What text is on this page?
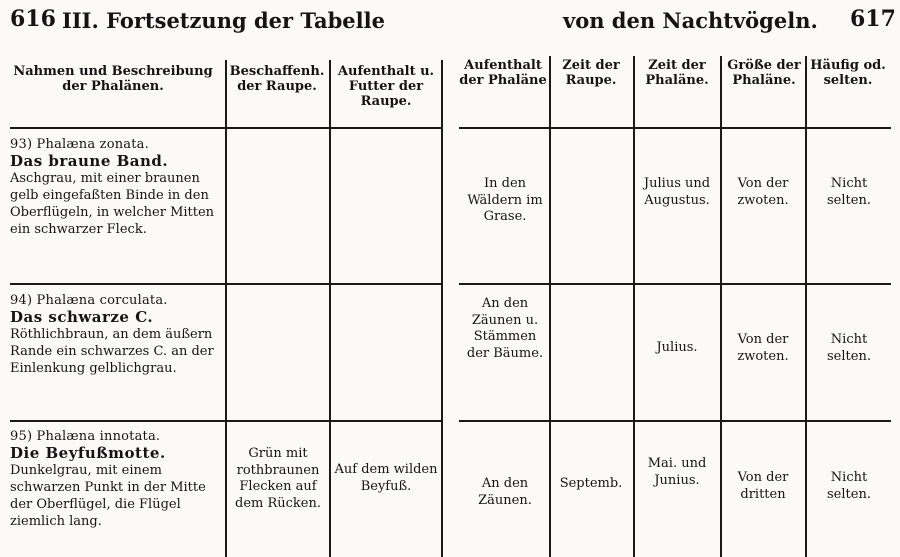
616 III. Fortsetzung der Tabelle
Nahmen und Beschreibung der Phalänen.
Beschaffenh. der Raupe.
Aufenthalt u. Futter der Raupe.
93) Phalæna zonata.
Das braune Band.
Aschgrau, mit einer braunen gelb eingefaßten Binde in den Oberflügeln, in welcher Mitten ein schwarzer Fleck.
94) Phalæna corculata.
Das schwarze C.
Röthlichbraun, an dem äußern Rande ein schwarzes C. an der Einlenkung gelblichgrau.
95) Phalæna innotata.
Die Beyfußmotte.
Dunkelgrau, mit einem schwarzen Punkt in der Mitte der Oberflügel, die Flügel ziemlich lang.
Grün mit rothbraunen Flecken auf dem Rücken.
Auf dem wilden Beyfuß.
von den Nachtvögeln. 617
Aufenthalt der Phaläne
Zeit der Raupe.
Zeit der Phaläne.
Größe der Phaläne.
Häufig od. selten.
In den Wäldern im Grase.
Julius und Augustus.
Von der zwoten.
Nicht selten.
An den Zäunen u. Stämmen der Bäume.	Julius.
Von der zwoten.
Nicht selten.
An den Zäunen.
Septemb.
Mai. und Junius.	Von der dritten
Nicht selten.
